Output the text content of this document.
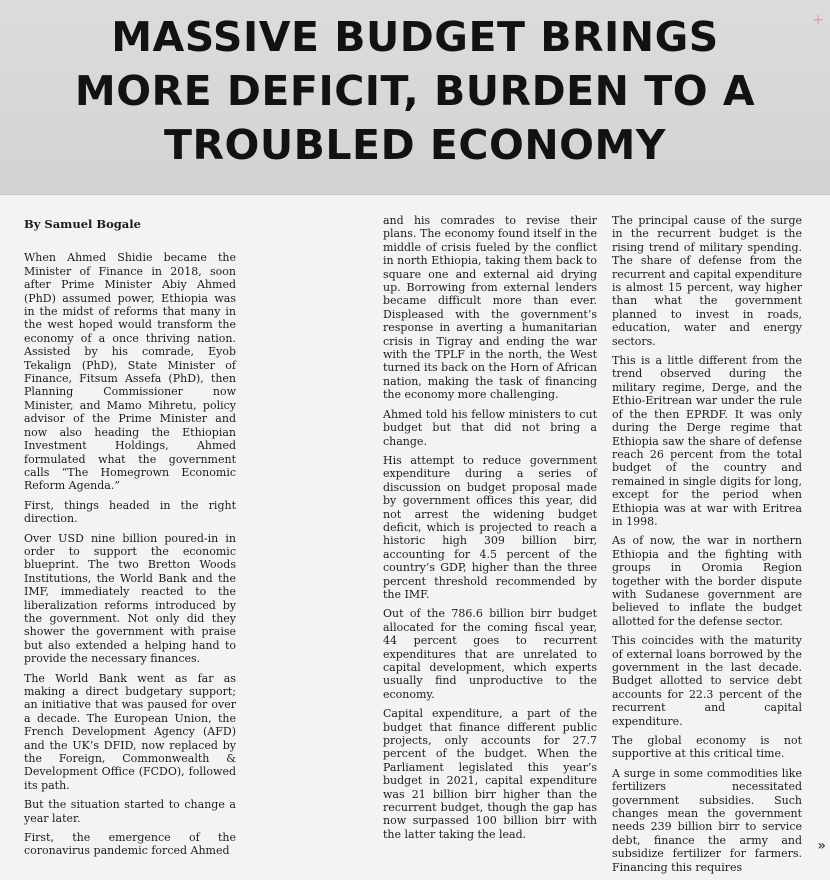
MASSIVE BUDGET BRINGS
MORE DEFICIT, BURDEN TO A
TROUBLED ECONOMY
+

By Samuel Bogale

When Ahmed Shidie became the Minister of Finance in 2018, soon after Prime Minister Abiy Ahmed (PhD) assumed power, Ethiopia was in the midst of reforms that many in the west hoped would transform the economy of a once thriving nation. Assisted by his comrade, Eyob Tekalign (PhD), State Minister of Finance, Fitsum Assefa (PhD), then Planning Commissioner now Minister, and Mamo Mihretu, policy advisor of the Prime Minister and now also heading the Ethiopian Investment Holdings, Ahmed formulated what the government calls “The Homegrown Economic Reform Agenda.”

First, things headed in the right direction.

Over USD nine billion poured-in in order to support the economic blueprint. The two Bretton Woods Institutions, the World Bank and the IMF, immediately reacted to the liberalization reforms introduced by the government. Not only did they shower the government with praise but also extended a helping hand to provide the necessary finances.

The World Bank went as far as making a direct budgetary support; an initiative that was paused for over a decade. The European Union, the French Development Agency (AFD) and the UK’s DFID, now replaced by the Foreign, Commonwealth & Development Office (FCDO), followed its path.

But the situation started to change a year later.

First, the emergence of the coronavirus pandemic forced Ahmed

and his comrades to revise their plans. The economy found itself in the middle of crisis fueled by the conflict in north Ethiopia, taking them back to square one and external aid drying up. Borrowing from external lenders became difficult more than ever. Displeased with the government’s response in averting a humanitarian crisis in Tigray and ending the war with the TPLF in the north, the West turned its back on the Horn of African nation, making the task of financing the economy more challenging.

Ahmed told his fellow ministers to cut budget but that did not bring a change.

His attempt to reduce government expenditure during a series of discussion on budget proposal made by government offices this year, did not arrest the widening budget deficit, which is projected to reach a historic high 309 billion birr, accounting for 4.5 percent of the country’s GDP, higher than the three percent threshold recommended by the IMF.

Out of the 786.6 billion birr budget allocated for the coming fiscal year, 44 percent goes to recurrent expenditures that are unrelated to capital development, which experts usually find unproductive to the economy.

Capital expenditure, a part of the budget that finance different public projects, only accounts for 27.7 percent of the budget. When the Parliament legislated this year’s budget in 2021, capital expenditure was 21 billion birr higher than the recurrent budget, though the gap has now surpassed 100 billion birr with the latter taking the lead.

The principal cause of the surge in the recurrent budget is the rising trend of military spending. The share of defense from the recurrent and capital expenditure is almost 15 percent, way higher than what the government planned to invest in roads, education, water and energy sectors.

This is a little different from the trend observed during the military regime, Derge, and the Ethio-Eritrean war under the rule of the then EPRDF. It was only during the Derge regime that Ethiopia saw the share of defense reach 26 percent from the total budget of the country and remained in single digits for long, except for the period when Ethiopia was at war with Eritrea in 1998.

As of now, the war in northern Ethiopia and the fighting with groups in Oromia Region together with the border dispute with Sudanese government are believed to inflate the budget allotted for the defense sector.

This coincides with the maturity of external loans borrowed by the government in the last decade. Budget allotted to service debt accounts for 22.3 percent of the recurrent and capital expenditure.

The global economy is not supportive at this critical time.

A surge in some commodities like fertilizers necessitated government subsidies. Such changes mean the government needs 239 billion birr to service debt, finance the army and subsidize fertilizer for farmers. Financing this requires

»
